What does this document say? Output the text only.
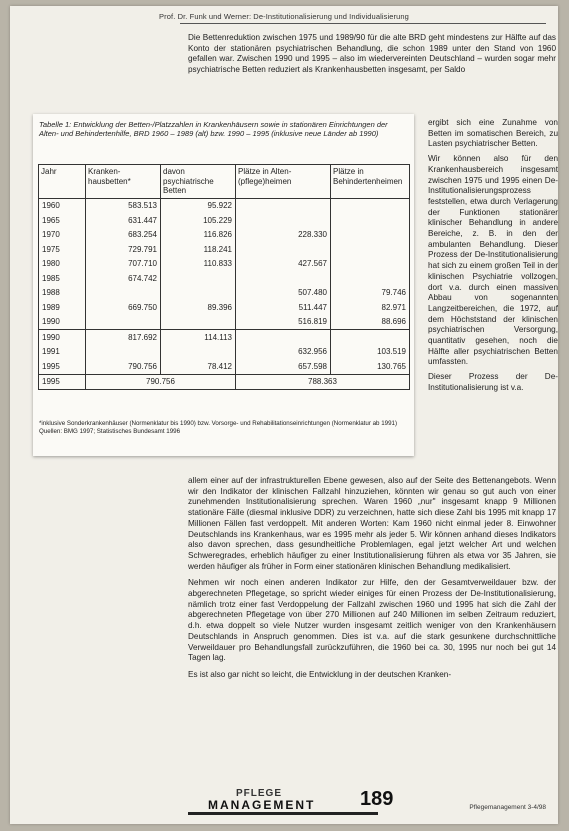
Prof. Dr. Funk und Werner: De-Institutionalisierung und Individualisierung

Die Bettenreduktion zwischen 1975 und 1989/90 für die alte BRD geht mindestens zur Hälfte auf das Konto der stationären psychiatrischen Behandlung, die schon 1989 unter den Stand von 1960 gefallen war. Zwischen 1990 und 1995 – also im wiedervereinten Deutschland – wurden sogar mehr psychiatrische Betten reduziert als Krankenhausbetten insgesamt, per Saldo

Tabelle 1: Entwicklung der Betten-/Platzzahlen in Krankenhäusern sowie in stationären Einrichtungen der Alten- und Behindertenhilfe, BRD 1960 – 1989 (alt) bzw. 1990 – 1995 (inklusive neue Länder ab 1990)

Jahr	Kranken-hausbetten*	davon psychiatrische Betten	Plätze in Alten-(pflege)heimen	Plätze in Behindertenheimen
1960	583.513	95.922		
1965	631.447	105.229		
1970	683.254	116.826	228.330	
1975	729.791	118.241		
1980	707.710	110.833	427.567	
1985	674.742			
1988			507.480	79.746
1989	669.750	89.396	511.447	82.971
1990			516.819	88.696
1990	817.692	114.113		
1991			632.956	103.519
1995	790.756	78.412	657.598	130.765
1995	790.756		788.363	

*inklusive Sonderkrankenhäuser (Normenklatur bis 1990) bzw. Vorsorge- und Rehabilitationseinrichtungen (Normenklatur ab 1991)

Quellen: BMG 1997; Statistisches Bundesamt 1996

ergibt sich eine Zunahme von Betten im somatischen Bereich, zu Lasten psychiatrischer Betten.

Wir können also für den Krankenhausbereich insgesamt zwischen 1975 und 1995 einen De-Institutionalisierungsprozess feststellen, etwa durch Verlagerung der Funktionen stationärer klinischer Behandlung in andere Bereiche, z. B. in den der ambulanten Behandlung. Dieser Prozess der De-Institutionalisierung hat sich zu einem großen Teil in der klinischen Psychiatrie vollzogen, dort v.a. durch einen massiven Abbau von sogenannten Langzeitbereichen, die 1972, auf dem Höchststand der klinischen psychiatrischen Versorgung, quantitativ gesehen, noch die Hälfte aller psychiatrischen Betten umfassten.

Dieser Prozess der De-Institutionalisierung ist v.a.

allem einer auf der infrastrukturellen Ebene gewesen, also auf der Seite des Bettenangebots. Wenn wir den Indikator der klinischen Fallzahl hinzuziehen, könnten wir genau so gut auch von einer zunehmenden Institutionalisierung sprechen. Waren 1960 „nur" insgesamt knapp 9 Millionen stationäre Fälle (diesmal inklusive DDR) zu verzeichnen, hatte sich diese Zahl bis 1995 mit knapp 17 Millionen Fällen fast verdoppelt. Mit anderen Worten: Kam 1960 nicht einmal jeder 8. Einwohner Deutschlands ins Krankenhaus, war es 1995 mehr als jeder 5. Wir können anhand dieses Indikators also davon sprechen, dass gesundheitliche Problemlagen, egal jetzt welcher Art und welchen Schweregrades, erheblich häufiger zu einer Institutionalisierung führen als etwa vor 35 Jahren, sie werden häufiger als früher in Form einer stationären klinischen Behandlung medikalisiert.

Nehmen wir noch einen anderen Indikator zur Hilfe, den der Gesamtverweildauer bzw. der abgerechneten Pflegetage, so spricht wieder einiges für einen Prozess der De-Institutionalisierung, nämlich trotz einer fast Verdoppelung der Fallzahl zwischen 1960 und 1995 hat sich die Zahl der abgerechneten Pflegetage von über 270 Millionen auf 240 Millionen im selben Zeitraum reduziert, d.h. etwa doppelt so viele Nutzer wurden insgesamt zeitlich weniger von den Krankenhäusern Deutschlands in Anspruch genommen. Dies ist v.a. auf die stark gesunkene durchschnittliche Verweildauer pro Behandlungsfall zurückzuführen, die 1960 bei ca. 30, 1995 nur noch bei gut 14 Tagen lag.

Es ist also gar nicht so leicht, die Entwicklung in der deutschen Kranken-

PFLEGE
MANAGEMENT 189	Pflegemanagement 3-4/98
